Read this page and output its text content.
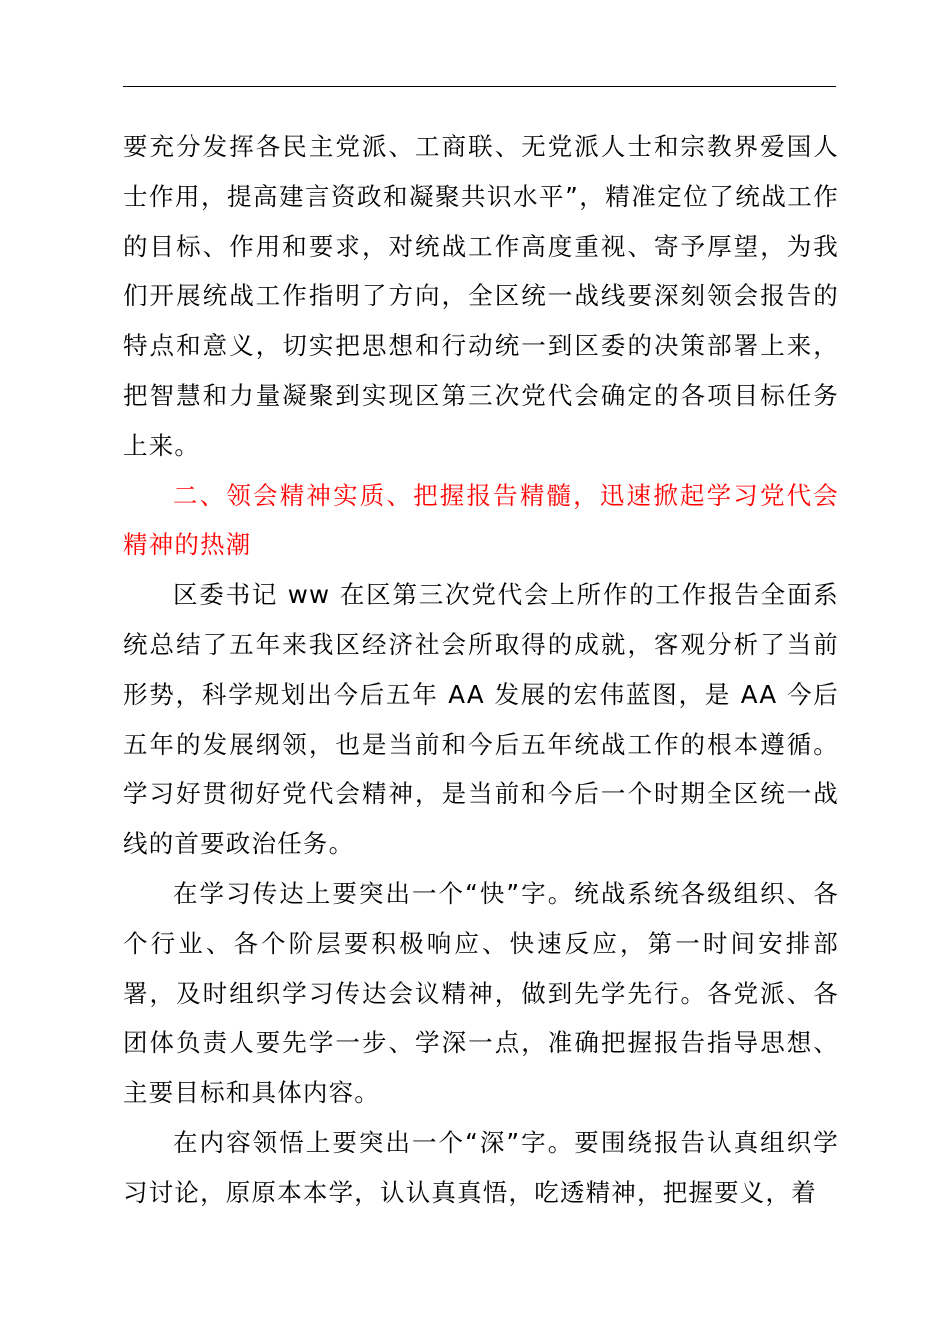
要充分发挥各民主党派、工商联、无党派人士和宗教界爱国人士作用，提高建言资政和凝聚共识水平”，精准定位了统战工作的目标、作用和要求，对统战工作高度重视、寄予厚望，为我们开展统战工作指明了方向，全区统一战线要深刻领会报告的特点和意义，切实把思想和行动统一到区委的决策部署上来，把智慧和力量凝聚到实现区第三次党代会确定的各项目标任务上来。

二、领会精神实质、把握报告精髓，迅速掀起学习党代会精神的热潮

区委书记 ww 在区第三次党代会上所作的工作报告全面系统总结了五年来我区经济社会所取得的成就，客观分析了当前形势，科学规划出今后五年 AA 发展的宏伟蓝图，是 AA 今后五年的发展纲领，也是当前和今后五年统战工作的根本遵循。学习好贯彻好党代会精神，是当前和今后一个时期全区统一战线的首要政治任务。

在学习传达上要突出一个“快”字。统战系统各级组织、各个行业、各个阶层要积极响应、快速反应，第一时间安排部署，及时组织学习传达会议精神，做到先学先行。各党派、各团体负责人要先学一步、学深一点，准确把握报告指导思想、主要目标和具体内容。

在内容领悟上要突出一个“深”字。要围绕报告认真组织学习讨论，原原本本学，认认真真悟，吃透精神，把握要义，着
